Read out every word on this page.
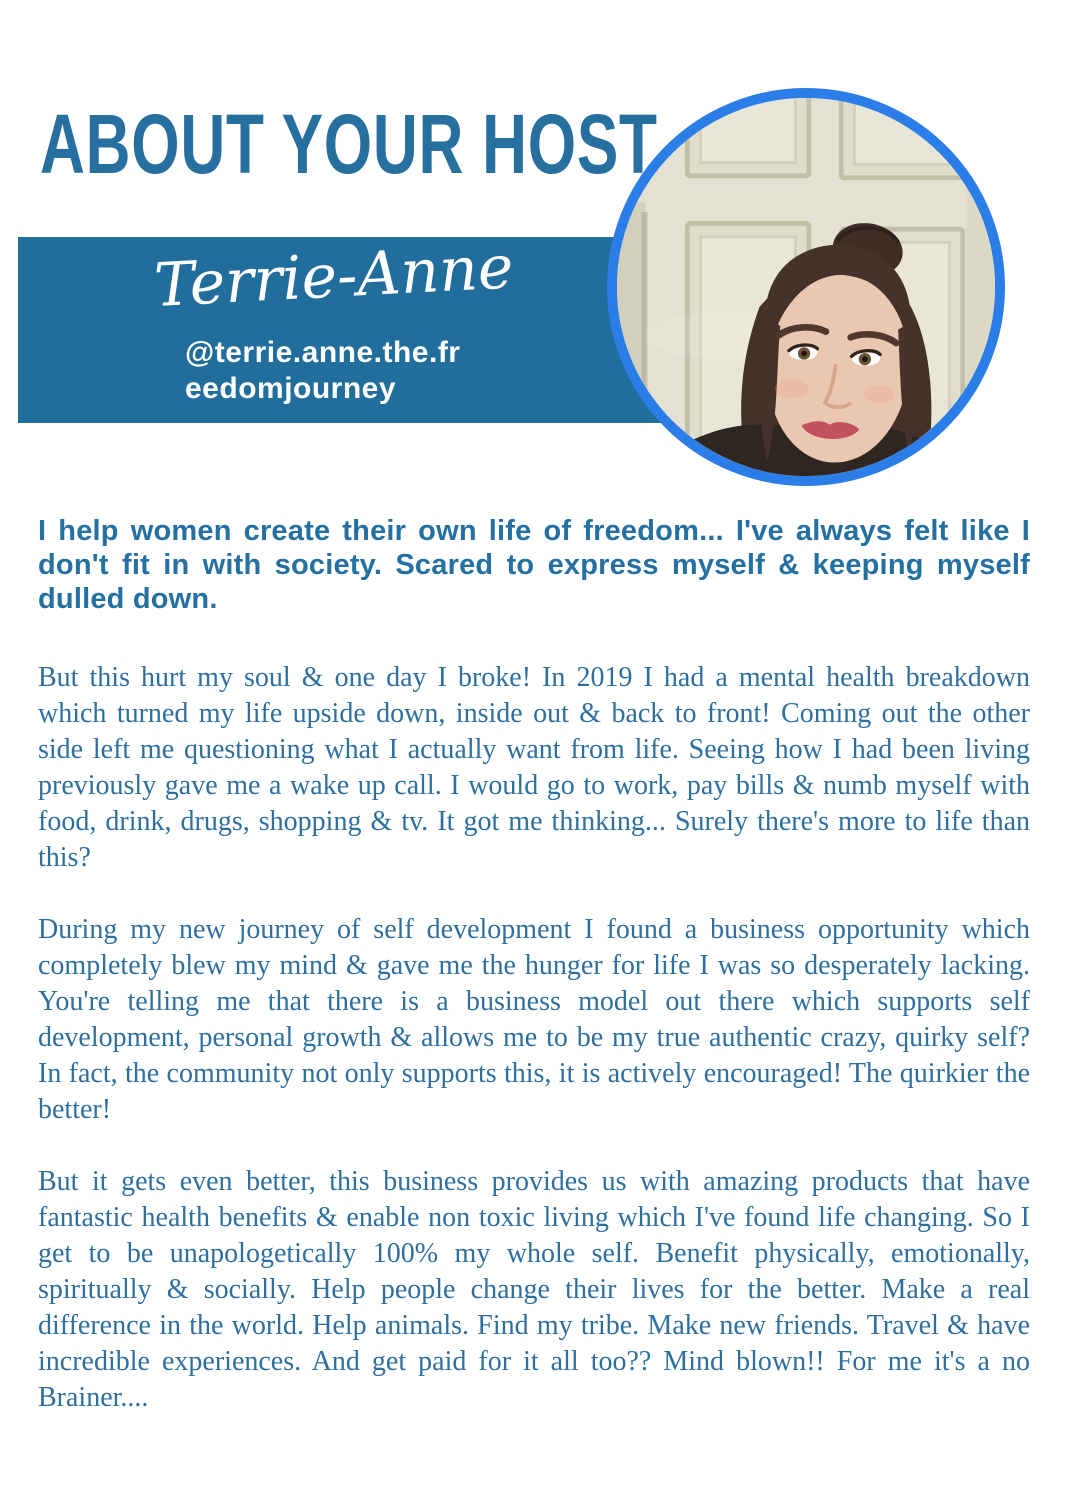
ABOUT YOUR HOST
Terrie-Anne
@terrie.anne.the.fr
eedomjourney

I help women create their own life of freedom... I've always felt like I don't fit in with society. Scared to express myself & keeping myself dulled down.

But this hurt my soul & one day I broke! In 2019 I had a mental health breakdown which turned my life upside down, inside out & back to front! Coming out the other side left me questioning what I actually want from life. Seeing how I had been living previously gave me a wake up call. I would go to work, pay bills & numb myself with food, drink, drugs, shopping & tv. It got me thinking... Surely there's more to life than this?

During my new journey of self development I found a business opportunity which completely blew my mind & gave me the hunger for life I was so desperately lacking. You're telling me that there is a business model out there which supports self development, personal growth & allows me to be my true authentic crazy, quirky self? In fact, the community not only supports this, it is actively encouraged! The quirkier the better!

But it gets even better, this business provides us with amazing products that have fantastic health benefits & enable non toxic living which I've found life changing. So I get to be unapologetically 100% my whole self. Benefit physically, emotionally, spiritually & socially. Help people change their lives for the better. Make a real difference in the world. Help animals. Find my tribe. Make new friends. Travel & have incredible experiences. And get paid for it all too?? Mind blown!! For me it's a no Brainer....
